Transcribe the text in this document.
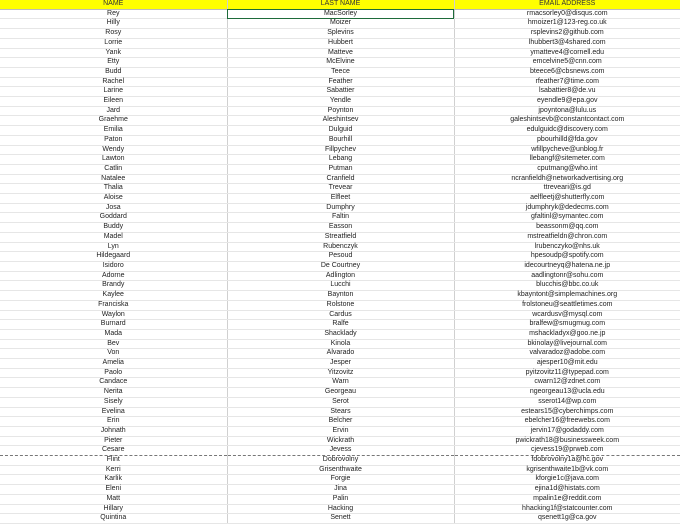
NAME	LAST NAME	EMAIL ADDRESS
Rey	MacSorley	rmacsorley0@disqus.com
Hilly	Moizer	hmoizer1@123-reg.co.uk
Rosy	Splevins	rsplevins2@github.com
Lorrie	Hubbert	lhubbert3@4shared.com
Yank	Matteve	ymatteve4@cornell.edu
Etty	McElvine	emcelvine5@cnn.com
Budd	Teece	bteece6@cbsnews.com
Rachel	Feather	rfeather7@time.com
Larine	Sabattier	lsabattier8@de.vu
Eileen	Yendle	eyendle9@epa.gov
Jard	Poynton	jpoyntona@lulu.us
Graehme	Aleshintsev	galeshintsevb@constantcontact.com
Emilia	Dulguid	edulguidc@discovery.com
Paton	Bourhill	pbourhilld@fda.gov
Wendy	Fillpychev	wfillpycheve@unblog.fr
Lawton	Lebang	llebangf@sitemeter.com
Catlin	Putman	cputmang@who.int
Natalee	Cranfield	ncranfieldh@networkadvertising.org
Thalia	Trevear	ttreveari@is.gd
Aloise	Elfleet	aelfleetj@shutterfly.com
Josa	Dumphry	jdumphryk@dedecms.com
Goddard	Faltin	gfaltinl@symantec.com
Buddy	Easson	beassonm@qq.com
Madel	Streatfield	mstreatfieldn@chron.com
Lyn	Rubenczyk	lrubenczyko@nhs.uk
Hildegaard	Pesoud	hpesoudp@spotify.com
Isidoro	De Courtney	idecourtneyq@hatena.ne.jp
Adorne	Adlington	aadlingtonr@sohu.com
Brandy	Lucchi	blucchis@bbc.co.uk
Kaylee	Baynton	kbayntont@simplemachines.org
Franciska	Rolstone	frolstoneu@seattletimes.com
Waylon	Cardus	wcardusv@mysql.com
Burnard	Ralfe	bralfew@smugmug.com
Mada	Shacklady	mshackladyx@goo.ne.jp
Bev	Kinola	bkinolay@livejournal.com
Von	Alvarado	valvaradoz@adobe.com
Amelia	Jesper	ajesper10@mit.edu
Paolo	Yitzovitz	pyitzovitz11@typepad.com
Candace	Warn	cwarn12@zdnet.com
Nerita	Georgeau	ngeorgeau13@ucla.edu
Sisely	Serot	sserot14@wp.com
Evelina	Stears	estears15@cyberchimps.com
Erin	Belcher	ebelcher16@freewebs.com
Johnath	Ervin	jervin17@godaddy.com
Pieter	Wickrath	pwickrath18@businessweek.com
Cesare	Jevess	cjevess19@prweb.com
Flint	Dobrovolny	fdobrovolny1a@hc.gov
Kerri	Grisenthwaite	kgrisenthwaite1b@vk.com
Karlik	Forgie	kforgie1c@java.com
Eleni	Jina	ejina1d@histats.com
Matt	Palin	mpalin1e@reddit.com
Hillary	Hacking	hhacking1f@statcounter.com
Quintina	Senett	qsenett1g@ca.gov
